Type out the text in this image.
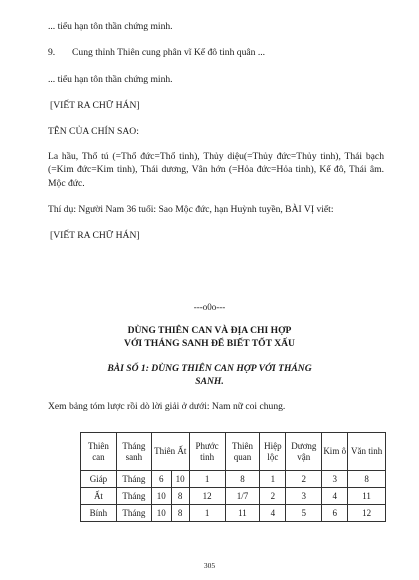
... tiểu hạn tôn thần chứng minh.
9. Cung thỉnh Thiên cung phân vĩ Kế đô tinh quân ...
... tiểu hạn tôn thần chứng minh.
[VIẾT RA CHỮ HÁN]
TÊN CỦA CHÍN SAO:
La hầu, Thổ tú (=Thổ đức=Thổ tinh), Thủy diệu(=Thủy đức=Thủy tinh), Thái bạch (=Kim đức=Kim tinh), Thái dương, Vân hớn (=Hỏa đức=Hỏa tinh), Kế đô, Thái âm. Mộc đức.
Thí dụ: Người Nam 36 tuổi: Sao Mộc đức, hạn Huỳnh tuyền, BÀI VỊ viết:
[VIẾT RA CHỮ HÁN]
---o0o---
DÙNG THIÊN CAN VÀ ĐỊA CHI HỢP
VỚI THÁNG SANH ĐỂ BIẾT TỐT XẤU
BÀI SỐ 1: DÙNG THIÊN CAN HỢP VỚI THÁNG
SANH.
Xem bảng tóm lược rồi dò lời giải ở dưới: Nam nữ coi chung.
Thiên can	Tháng sanh	Thiên Ất		Phước tinh	Thiên quan	Hiệp lộc	Dương vận	Kim ô	Văn tinh
Giáp	Tháng	6	10	1	8	1	2	3	8
Ất	Tháng	10	8	12	1/7	2	3	4	11
Bính	Tháng	10	8	1	11	4	5	6	12
305
